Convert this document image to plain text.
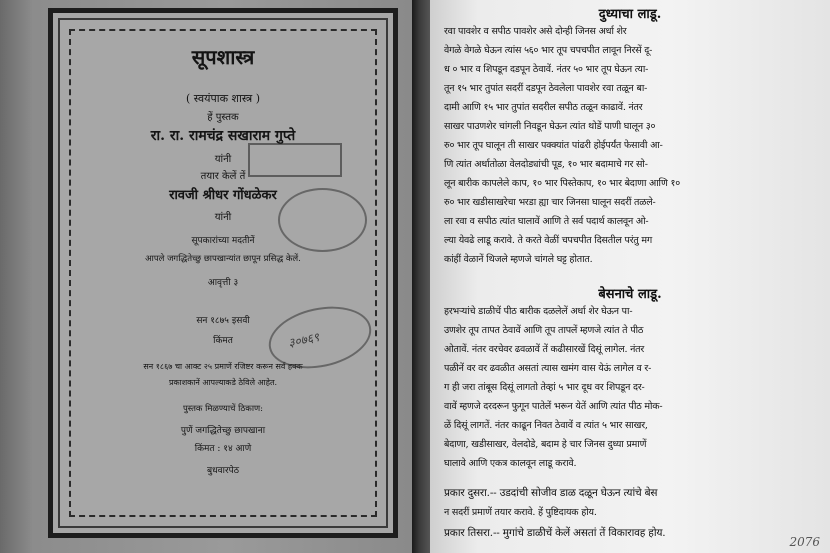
सूपशास्त्र
( स्वयंपाक शास्त्र )
हें पुस्तक
रा. रा. रामचंद्र सखाराम गुप्ते
यांनी
तयार केलें तें
रावजी श्रीधर गोंधळेकर
यांनी
सूपकारांच्या मदतीनें
आपले जगद्धितेच्छु छापखान्यांत छापून प्रसिद्ध केलें.
आवृत्ती ३
सन १८७५ इसवी
किंमत
सन १८६७ चा आक्ट २५ प्रमाणें रजिष्टर करून सर्व हक्क
प्रकाशकानें आपल्याकडे ठेविले आहेत.
पुस्तक मिळण्याचें ठिकाण:
पुणें जगद्धितेच्छु छापखाना
किंमत : १४ आणे
बुधवारपेठ
३०७६९
दुध्याचा लाडू.
रवा पावशेर व सपीठ पावशेर असे दोन्ही जिनस अर्धा शेर
वेगळे वेगळे घेऊन त्यांस ५६० भार तूप चपचपीत लावून निरसें दू-
ध ० भार व शिपडून दडपून ठेवावें. नंतर ५० भार तूप घेऊन त्या-
तून १५ भार तुपांत सदरीं दडपून ठेवलेला पावशेर रवा तळून बा-
दामी आणि १५ भार तुपांत सदरील सपीठ तळून काढावें. नंतर
साखर पाउणशेर चांगली निवडून घेऊन त्यांत थोडें पाणी घालून ३०
रु० भार तूप घालून ती साखर पक्क्यांत पांढरी होईपर्यंत फेसावी आ-
णि त्यांत अर्धातोळा वेलदोड्यांची पूड, १० भार बदामाचे गर सो-
लून बारीक कापलेले काप, १० भार पिस्तेकाप, १० भार बेदाणा आणि १०
रु० भार खडीसाखरेचा भरडा ह्या चार जिनसा घालून सदरीं तळले-
ला रवा व सपीठ त्यांत घालावें आणि ते सर्व पदार्थ कालवून ओ-
ल्या येवढे लाडू करावे. ते करते वेळीं चपचपीत दिसतील परंतु मग
कांहीं वेळानें थिजले म्हणजे चांगले घट्ट होतात.
बेसनाचे लाडू.
हरभऱ्यांचे डाळीचें पीठ बारीक दळलेलें अर्धा शेर घेऊन पा-
उणशेर तूप तापत ठेवावें आणि तूप तापलें म्हणजे त्यांत ते पीठ
ओतावें. नंतर वरचेवर ढवळावें तें कढीसारखें दिसूं लागेल. नंतर
पळीनें वर वर ढवळीत असतां त्यास खमंग वास येऊं लागेल व र-
ग ही जरा तांबूस दिसूं लागतो तेव्हां ५ भार दूध वर शिपडून दर-
वावें म्हणजे दरदरून फुगून पातेलें भरून येतें आणि त्यांत पीठ मोक-
ळें दिसूं लागतें. नंतर काढून निवत ठेवावें व त्यांत ५ भार साखर,
बेदाणा, खडीसाखर, वेलदोडे, बदाम हे चार जिनस दुध्या प्रमाणें
घालावे आणि एकत्र कालवून लाडू करावे.
प्रकार दुसरा.-- उडदांची सोजीव डाळ दळून घेऊन त्यांचे बेस
न सदरीं प्रमाणें तयार करावे. हें पुष्टिदायक होय.
प्रकार तिसरा.-- मुगांचे डाळीचें केलें असतां तें विकारावह होय.
2076
